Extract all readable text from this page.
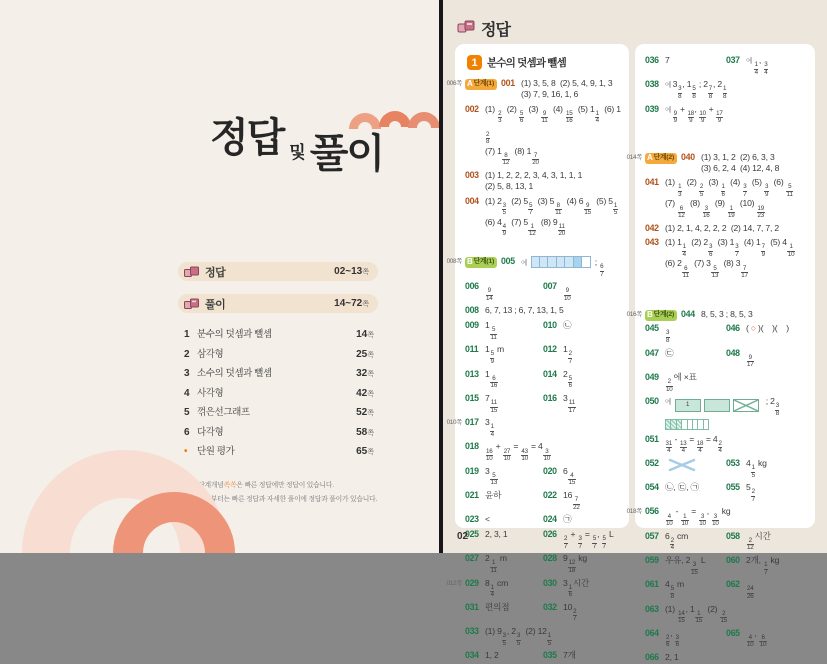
정답 및 풀이
정답	02~13쪽
풀이	14~72쪽
1 분수의 덧셈과 뺄셈	14쪽
2 삼각형	25쪽
3 소수의 덧셈과 뺄셈	32쪽
4 사각형	42쪽
5 꺾은선그래프	52쪽
6 다각형	58쪽
• 단원 평가	65쪽
• A 단계 개념 쏙쏙 은 빠른 정답에만 정답이 있습니다.
• B 단계 부터는 빠른 정답과 자세한 풀이에 정답과 풀이가 있습니다.
정답
1 분수의 덧셈과 뺄셈
006쪽 A 단계(1) 001 (1) 3, 5, 8  (2) 5, 4, 9, 1, 3
(3) 7, 9, 16, 1, 6
002 (1)
$\frac{2}{3}$
(2)
$\frac{5}{6}$
(3)
$\frac{9}{11}$
(4)
$\frac{15}{16}$
(5) 1
$\frac{1}{4}$
(6) 1
$\frac{2}{8}$

(7) 1
$\frac{8}{12}$
(8) 1
$\frac{7}{20}$
003 (1) 1, 2, 2, 2, 3, 4, 3, 1, 1, 1
(2) 5, 8, 13, 1
004 (1) 2
$\frac{3}{5}$
(2) 5
$\frac{5}{7}$
(3) 5
$\frac{8}{11}$
(4) 6
$\frac{9}{15}$
(5) 5
$\frac{1}{5}$

(6) 4
$\frac{4}{9}$
(7) 5
$\frac{1}{12}$
(8) 9
$\frac{11}{20}$
008쪽 B 단계(1) 005 예	;
$\frac{6}{7}$
006
$\frac{9}{14}$
007
$\frac{9}{10}$
008 6, 7, 13 ; 6, 7, 13, 1, 5
009 1
$\frac{5}{11}$
010 ㉡
011 1
$\frac{5}{9}$
m	012 1
$\frac{2}{7}$
013 1
$\frac{6}{16}$
014 2
$\frac{5}{6}$
015 7
$\frac{11}{15}$
016 3
$\frac{11}{17}$
010쪽 017 3
$\frac{1}{4}$
018
$\frac{16}{10}$
+
$\frac{27}{10}$
=
$\frac{43}{10}$
= 4
$\frac{3}{10}$
019 3
$\frac{5}{13}$
020 6
$\frac{4}{15}$
021 윤하	022 16
$\frac{7}{22}$
023 <	024 ㉠
025 2, 3, 1	026
$\frac{2}{7}$
+
$\frac{3}{7}$
=
$\frac{5}{7}$
,
$\frac{5}{7}$
L
027 2
$\frac{1}{11}$
m	028 9
$\frac{12}{18}$
kg
012쪽 029 8
$\frac{1}{4}$
cm	030 3
$\frac{1}{6}$
시간
031 편의점	032 10
$\frac{2}{7}$
033 (1) 9
$\frac{3}{5}$
, 2
$\frac{3}{5}$
(2) 12
$\frac{1}{5}$
034 1, 2	035 7개
036 7	037 예
$\frac{1}{4}$
,
$\frac{3}{4}$
038 예3
$\frac{3}{8}$
, 1
$\frac{5}{8}$
; 2
$\frac{7}{8}$
, 2
$\frac{1}{8}$
039 예
$\frac{9}{9}$
+
$\frac{18}{9}$
,
$\frac{10}{9}$
+
$\frac{17}{9}$
014쪽 A 단계(2) 040 (1) 3, 1, 2  (2) 6, 3, 3
(3) 6, 2, 4  (4) 12, 4, 8
041 (1)
$\frac{1}{3}$
(2)
$\frac{2}{5}$
(3)
$\frac{1}{6}$
(4)
$\frac{3}{7}$
(5)
$\frac{3}{9}$
(6)
$\frac{5}{11}$

(7)
$\frac{6}{12}$
(8)
$\frac{3}{16}$
(9)
$\frac{1}{19}$
(10)
$\frac{19}{23}$
042 (1) 2, 1, 4, 2, 2, 2  (2) 14, 7, 7, 2
043 (1) 1
$\frac{1}{4}$
(2) 2
$\frac{3}{6}$
(3) 1
$\frac{3}{7}$
(4) 1
$\frac{7}{9}$
(5) 4
$\frac{1}{10}$

(6) 2
$\frac{6}{11}$
(7) 3
$\frac{5}{13}$
(8) 3
$\frac{7}{17}$
016쪽 B 단계(2) 044 8, 5, 3 ; 8, 5, 3
045
$\frac{3}{8}$
046 ( ○ )(    )(    )
047 ㉢	048
$\frac{9}{17}$
049
$\frac{2}{10}$
에 ×표
050 예	1	; 2
$\frac{3}{8}$

051
$\frac{31}{4}$
-
$\frac{13}{4}$
=
$\frac{18}{4}$
= 4
$\frac{2}{4}$
052	053 4
$\frac{1}{5}$
kg
054 ㉡, ㉢, ㉠	055 5
$\frac{2}{7}$
018쪽 056
$\frac{4}{10}$
-
$\frac{1}{10}$
=
$\frac{3}{10}$
,
$\frac{3}{10}$
kg
057 6
$\frac{2}{4}$
cm	058
$\frac{2}{12}$
시간
059 우유, 2
$\frac{3}{15}$
L	060 2개,
$\frac{1}{7}$
kg
061 4
$\frac{5}{8}$
m	062
$\frac{24}{26}$
063 (1)
$\frac{14}{15}$
, 1
$\frac{1}{15}$
(2)
$\frac{2}{15}$
064
$\frac{2}{6}$
,
$\frac{3}{6}$
065
$\frac{4}{10}$
,
$\frac{6}{10}$
066 2, 1
02
